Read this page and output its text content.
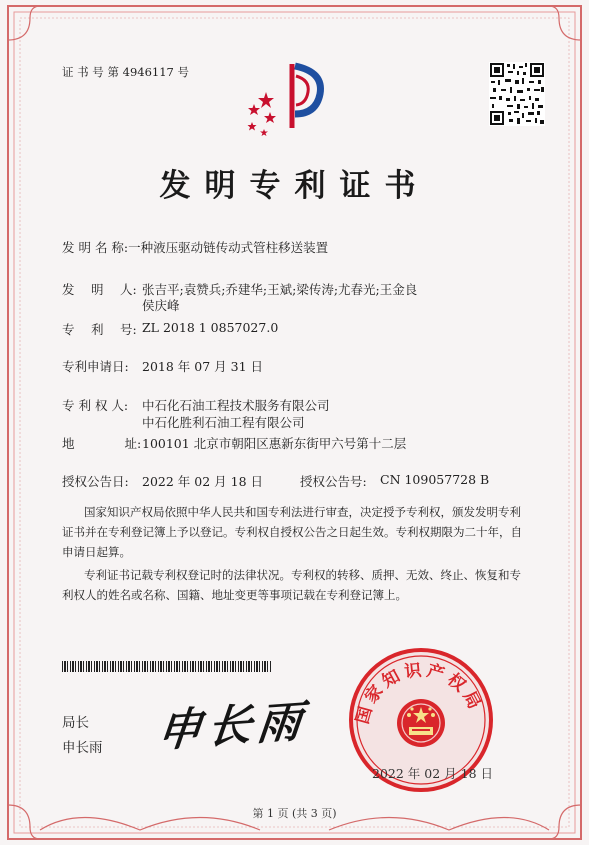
证 书 号 第 4946117 号
发明专利证书
发 明 名 称:一种液压驱动链传动式管柱移送装置
发　 明　 人: 张吉平;袁赞兵;乔建华;王斌;梁传涛;尤春光;王金良
侯庆峰
专　 利　 号: ZL 2018 1 0857027.0
专利申请日: 2018 年 07 月 31 日
专 利 权 人: 中石化石油工程技术服务有限公司
中石化胜利石油工程有限公司
地　　　　址: 100101 北京市朝阳区惠新东街甲六号第十二层
授权公告日: 2022 年 02 月 18 日	授权公告号: CN 109057728 B
国家知识产权局依照中华人民共和国专利法进行审查，决定授予专利权，颁发发明专利
证书并在专利登记簿上予以登记。专利权自授权公告之日起生效。专利权期限为二十年，自
申请日起算。
专利证书记载专利权登记时的法律状况。专利权的转移、质押、无效、终止、恢复和专
利权人的姓名或名称、国籍、地址变更等事项记载在专利登记簿上。
局长
申长雨 申长雨	国家知识产权局
2022 年 02 月 18 日
第 1 页 (共 3 页)
